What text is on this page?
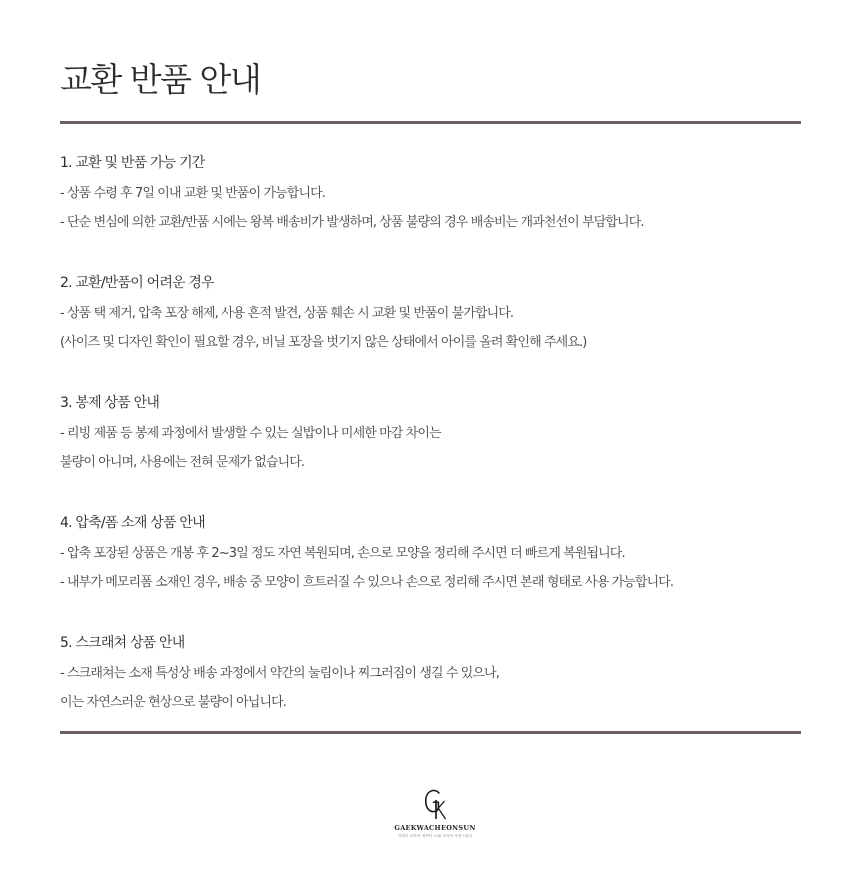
교환 반품 안내
1. 교환 및 반품 가능 기간

- 상품 수령 후 7일 이내 교환 및 반품이 가능합니다.

- 단순 변심에 의한 교환/반품 시에는 왕복 배송비가 발생하며, 상품 불량의 경우 배송비는 개과천선이 부담합니다.

2. 교환/반품이 어려운 경우

- 상품 택 제거, 압축 포장 해제, 사용 흔적 발견, 상품 훼손 시 교환 및 반품이 불가합니다.

(사이즈 및 디자인 확인이 필요할 경우, 비닐 포장을 벗기지 않은 상태에서 아이를 올려 확인해 주세요.)

3. 봉제 상품 안내

- 리빙 제품 등 봉제 과정에서 발생할 수 있는 실밥이나 미세한 마감 차이는

불량이 아니며, 사용에는 전혀 문제가 없습니다.

4. 압축/폼 소재 상품 안내

- 압축 포장된 상품은 개봉 후 2~3일 정도 자연 복원되며, 손으로 모양을 정리해 주시면 더 빠르게 복원됩니다.

- 내부가 메모리폼 소재인 경우, 배송 중 모양이 흐트러질 수 있으나 손으로 정리해 주시면 본래 형태로 사용 가능합니다.

5. 스크래쳐 상품 안내

- 스크래쳐는 소재 특성상 배송 과정에서 약간의 눌림이나 찌그러짐이 생길 수 있으나,

이는 자연스러운 현상으로 불량이 아닙니다.

GAEKWACHEONSUN
자세히 보아야 예쁘다 오래 보아야 사랑스럽다
